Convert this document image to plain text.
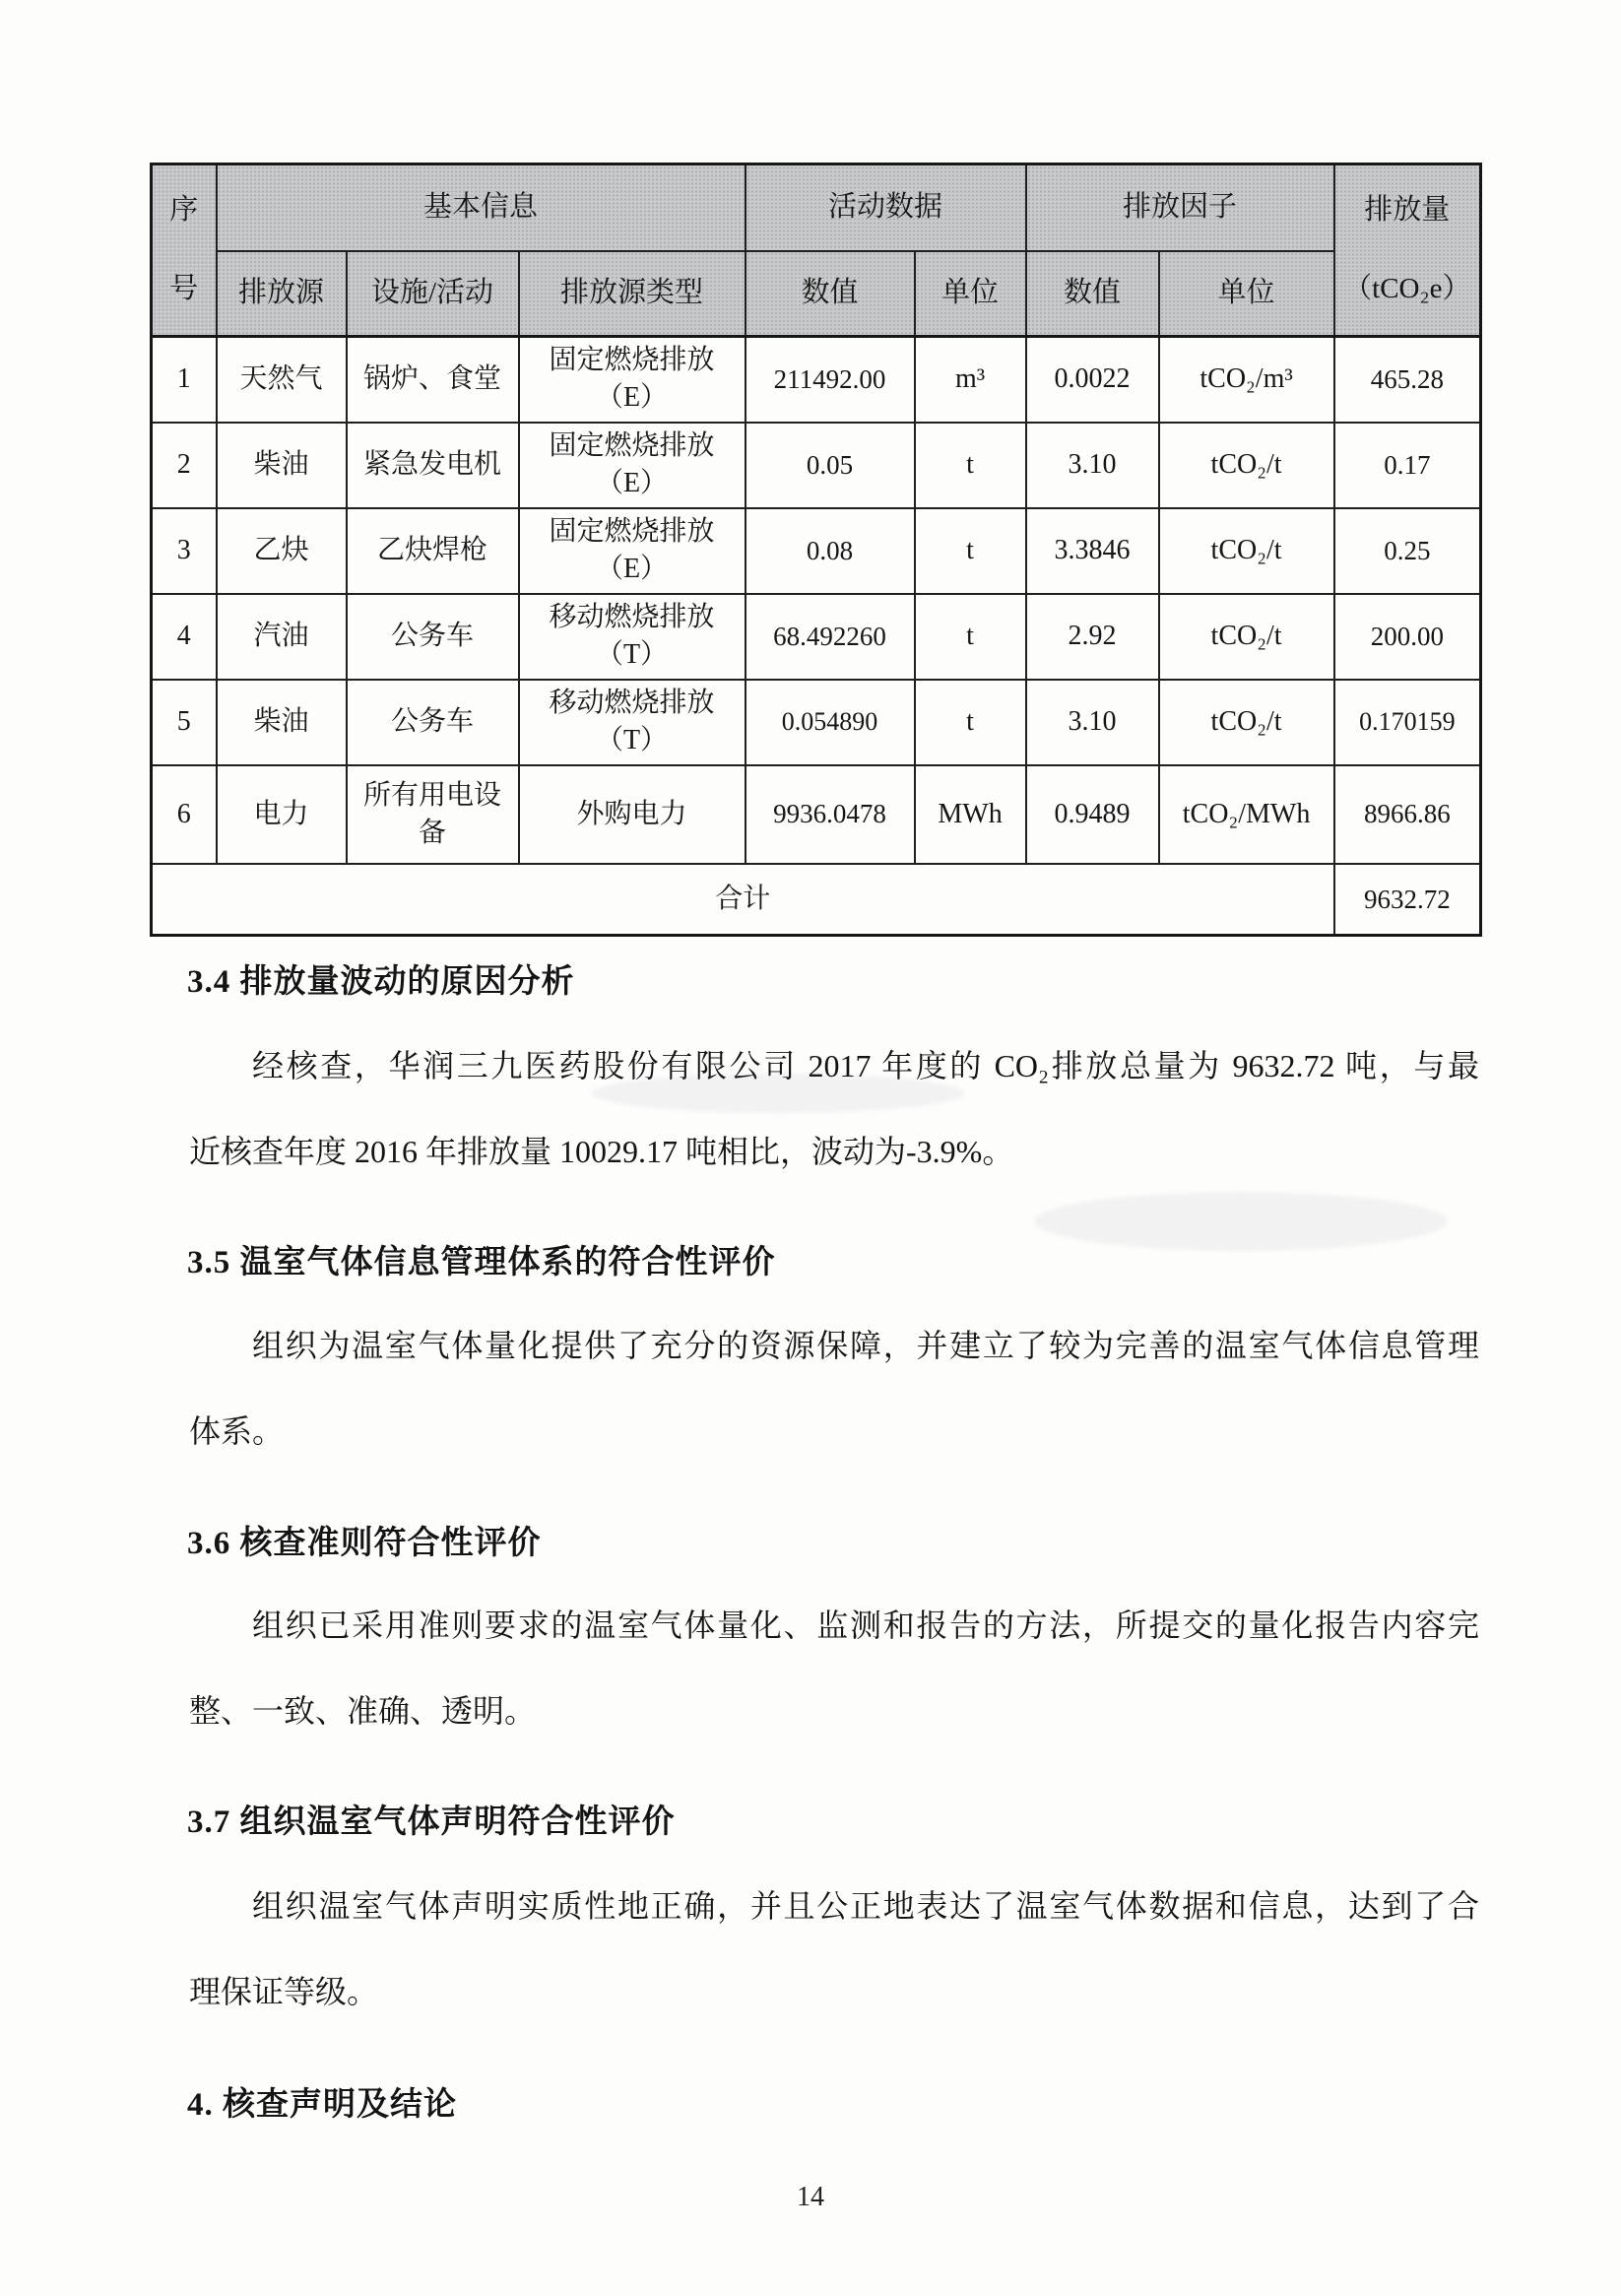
序
号	基本信息			活动数据		排放因子		排放量
（tCO₂e）

	排放源	设施/活动	排放源类型	数值	单位	数值	单位	
1	天然气	锅炉、食堂	固定燃烧排放
（E）	211492.00	m³	0.0022	tCO₂/m³	465.28
2	柴油	紧急发电机	固定燃烧排放
（E）	0.05	t	3.10	tCO₂/t	0.17
3	乙炔	乙炔焊枪	固定燃烧排放
（E）	0.08	t	3.3846	tCO₂/t	0.25
4	汽油	公务车	移动燃烧排放
（T）	68.492260	t	2.92	tCO₂/t	200.00
5	柴油	公务车	移动燃烧排放
（T）	0.054890	t	3.10	tCO₂/t	0.170159
6	电力	所有用电设备	外购电力	9936.0478	MWh	0.9489	tCO₂/MWh	8966.86
合计								9632.72
3.4 排放量波动的原因分析
经核查，华润三九医药股份有限公司 2017 年度的 CO₂排放总量为 9632.72 吨，与最
近核查年度 2016 年排放量 10029.17 吨相比，波动为-3.9%。
3.5 温室气体信息管理体系的符合性评价
组织为温室气体量化提供了充分的资源保障，并建立了较为完善的温室气体信息管理
体系。
3.6 核查准则符合性评价
组织已采用准则要求的温室气体量化、监测和报告的方法，所提交的量化报告内容完
整、一致、准确、透明。
3.7 组织温室气体声明符合性评价
组织温室气体声明实质性地正确，并且公正地表达了温室气体数据和信息，达到了合
理保证等级。
4. 核查声明及结论
14
